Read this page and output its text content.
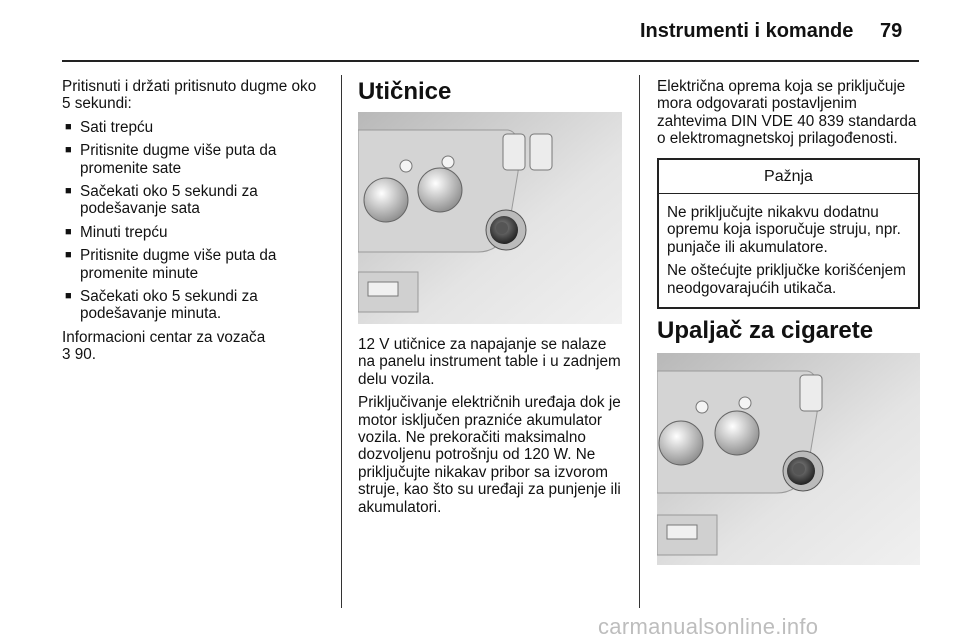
Instrumenti i komande 79

Pritisnuti i držati pritisnuto dugme oko 5 sekundi:

■ Sati trepću
■ Pritisnite dugme više puta da promenite sate
■ Sačekati oko 5 sekundi za podešavanje sata
■ Minuti trepću
■ Pritisnite dugme više puta da promenite minute
■ Sačekati oko 5 sekundi za podešavanje minuta.

Informacioni centar za vozača

3 90.

Utičnice

12 V utičnice za napajanje se nalaze na panelu instrument table i u zadnjem delu vozila.

Priključivanje električnih uređaja dok je motor isključen prazniće akumulator vozila. Ne prekoračiti maksimalno dozvoljenu potrošnju od 120 W. Ne priključujte nikakav pribor sa izvorom struje, kao što su uređaji za punjenje ili akumulatori.

Električna oprema koja se priključuje mora odgovarati postavljenim zahtevima DIN VDE 40 839 standarda o elektromagnetskoj prilagođenosti.

Pažnja

Ne priključujte nikakvu dodatnu opremu koja isporučuje struju, npr. punjače ili akumulatore.

Ne oštećujte priključke korišćenjem neodgovarajućih utikača.

Upaljač za cigarete
carmanualsonline.info
